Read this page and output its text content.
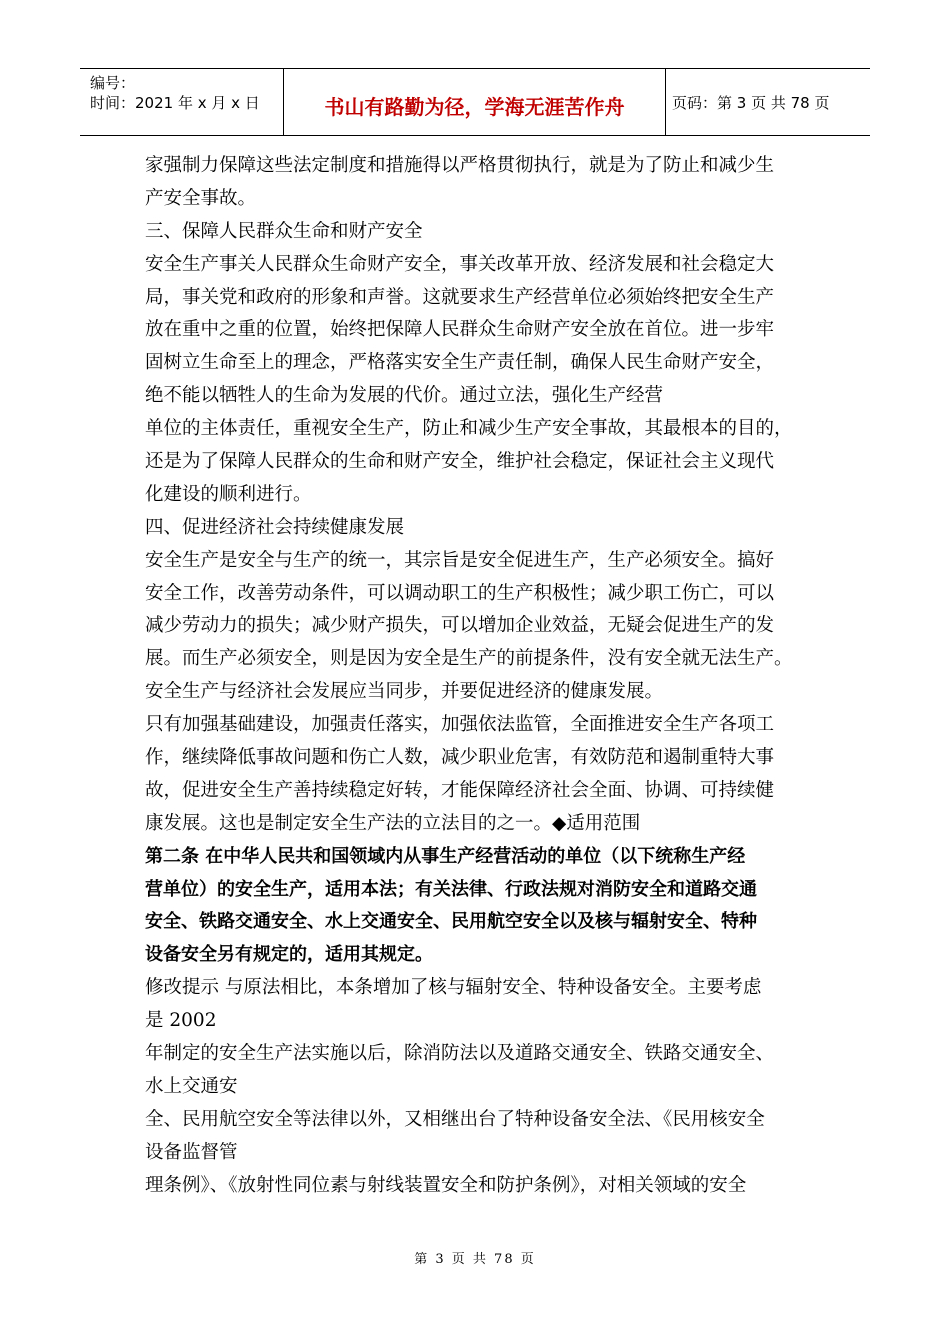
编号：
时间：2021 年 x 月 x 日	书山有路勤为径，学海无涯苦作舟	页码：第 3 页 共 78 页
家强制力保障这些法定制度和措施得以严格贯彻执行，就是为了防止和减少生
产安全事故。
三、保障人民群众生命和财产安全
安全生产事关人民群众生命财产安全，事关改革开放、经济发展和社会稳定大
局，事关党和政府的形象和声誉。这就要求生产经营单位必须始终把安全生产
放在重中之重的位置，始终把保障人民群众生命财产安全放在首位。进一步牢
固树立生命至上的理念，严格落实安全生产责任制，确保人民生命财产安全，
绝不能以牺牲人的生命为发展的代价。通过立法，强化生产经营
单位的主体责任，重视安全生产，防止和减少生产安全事故，其最根本的目的，
还是为了保障人民群众的生命和财产安全，维护社会稳定，保证社会主义现代
化建设的顺利进行。
四、促进经济社会持续健康发展
安全生产是安全与生产的统一，其宗旨是安全促进生产，生产必须安全。搞好
安全工作，改善劳动条件，可以调动职工的生产积极性；减少职工伤亡，可以
减少劳动力的损失；减少财产损失，可以增加企业效益，无疑会促进生产的发
展。而生产必须安全，则是因为安全是生产的前提条件，没有安全就无法生产。
安全生产与经济社会发展应当同步，并要促进经济的健康发展。
只有加强基础建设，加强责任落实，加强依法监管，全面推进安全生产各项工
作，继续降低事故问题和伤亡人数，减少职业危害，有效防范和遏制重特大事
故，促进安全生产善持续稳定好转，才能保障经济社会全面、协调、可持续健
康发展。这也是制定安全生产法的立法目的之一。◆适用范围
第二条 在中华人民共和国领域内从事生产经营活动的单位（以下统称生产经
营单位）的安全生产，适用本法；有关法律、行政法规对消防安全和道路交通
安全、铁路交通安全、水上交通安全、民用航空安全以及核与辐射安全、特种
设备安全另有规定的，适用其规定。
修改提示 与原法相比，本条增加了核与辐射安全、特种设备安全。主要考虑
是 2002
年制定的安全生产法实施以后，除消防法以及道路交通安全、铁路交通安全、
水上交通安
全、民用航空安全等法律以外，又相继出台了特种设备安全法、《民用核安全
设备监督管
理条例》、《放射性同位素与射线装置安全和防护条例》，对相关领域的安全
第 3 页 共 78 页
